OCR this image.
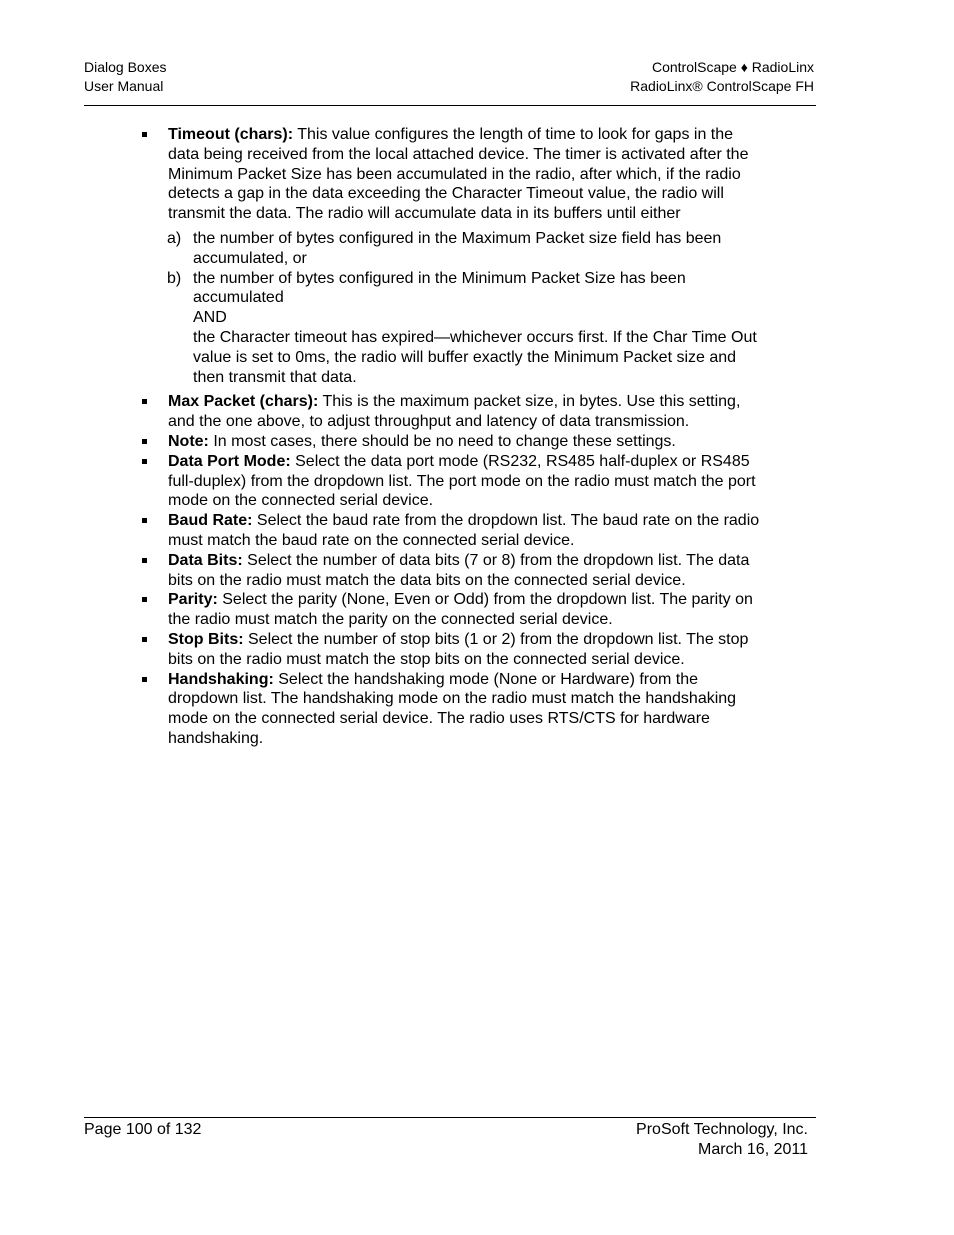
Dialog Boxes
User Manual
ControlScape ♦ RadioLinx
RadioLinx® ControlScape FH
Timeout (chars): This value configures the length of time to look for gaps in the data being received from the local attached device. The timer is activated after the Minimum Packet Size has been accumulated in the radio, after which, if the radio detects a gap in the data exceeding the Character Timeout value, the radio will transmit the data. The radio will accumulate data in its buffers until either
a) the number of bytes configured in the Maximum Packet size field has been accumulated, or
b) the number of bytes configured in the Minimum Packet Size has been accumulated
AND
the Character timeout has expired—whichever occurs first. If the Char Time Out value is set to 0ms, the radio will buffer exactly the Minimum Packet size and then transmit that data.
Max Packet (chars): This is the maximum packet size, in bytes. Use this setting, and the one above, to adjust throughput and latency of data transmission.
Note: In most cases, there should be no need to change these settings.
Data Port Mode: Select the data port mode (RS232, RS485 half-duplex or RS485 full-duplex) from the dropdown list. The port mode on the radio must match the port mode on the connected serial device.
Baud Rate: Select the baud rate from the dropdown list. The baud rate on the radio must match the baud rate on the connected serial device.
Data Bits: Select the number of data bits (7 or 8) from the dropdown list. The data bits on the radio must match the data bits on the connected serial device.
Parity: Select the parity (None, Even or Odd) from the dropdown list. The parity on the radio must match the parity on the connected serial device.
Stop Bits: Select the number of stop bits (1 or 2) from the dropdown list. The stop bits on the radio must match the stop bits on the connected serial device.
Handshaking: Select the handshaking mode (None or Hardware) from the dropdown list. The handshaking mode on the radio must match the handshaking mode on the connected serial device. The radio uses RTS/CTS for hardware handshaking.
Page 100 of 132	ProSoft Technology, Inc.
March 16, 2011
